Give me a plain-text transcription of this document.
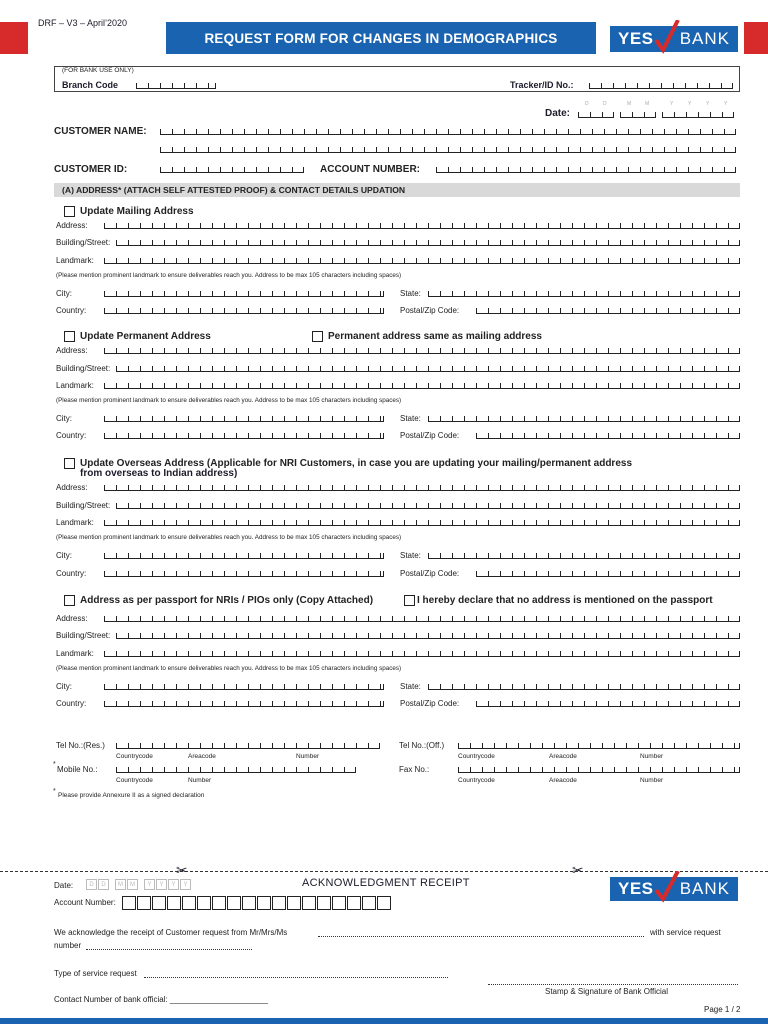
DRF – V3 – April’2020
REQUEST FORM FOR CHANGES IN DEMOGRAPHICS	YES BANK
(FOR BANK USE ONLY)
Branch Code	Tracker/ID No.:
Date:
D	D	M	M	Y	Y	Y	Y
CUSTOMER NAME:
CUSTOMER ID:	ACCOUNT NUMBER:
(A) ADDRESS* (ATTACH SELF ATTESTED PROOF) & CONTACT DETAILS UPDATION
Update Mailing Address
Address:
Building/Street:
Landmark:
(Please mention prominent landmark to ensure deliverables reach you. Address to be max 105 characters including spaces)
City:	State:
Country:	Postal/Zip Code:
Update Permanent Address	Permanent address same as mailing address
Address:
Building/Street:
Landmark:
(Please mention prominent landmark to ensure deliverables reach you. Address to be max 105 characters including spaces)
City:	State:
Country:	Postal/Zip Code:
Update Overseas Address (Applicable for NRI Customers, in case you are updating your mailing/permanent address
from overseas to Indian address)
Address:
Building/Street:
Landmark:
(Please mention prominent landmark to ensure deliverables reach you. Address to be max 105 characters including spaces)
City:	State:
Country:	Postal/Zip Code:
Address as per passport for NRIs / PIOs only (Copy Attached)	I hereby declare that no address is mentioned on the passport
Address:
Building/Street:
Landmark:
(Please mention prominent landmark to ensure deliverables reach you. Address to be max 105 characters including spaces)
City:	State:
Country:	Postal/Zip Code:
Tel No.:(Res.)
Countrycode	Areacode	Number
Tel No.:(Off.)
Countrycode	Areacode	Number
*
Mobile No.:
Countrycode	Number
Fax No.:
Countrycode	Areacode	Number
*
Please provide Annexure II as a signed declaration
✂	✂
ACKNOWLEDGMENT RECEIPT	YES BANK
Date:	D	D	M	M	Y	Y	Y	Y
Account Number:
We acknowledge the receipt of Customer request from Mr/Mrs/Ms	with service request
number
Type of service request
Stamp & Signature of Bank Official
Contact Number of bank official: ______________________
Page 1 / 2
